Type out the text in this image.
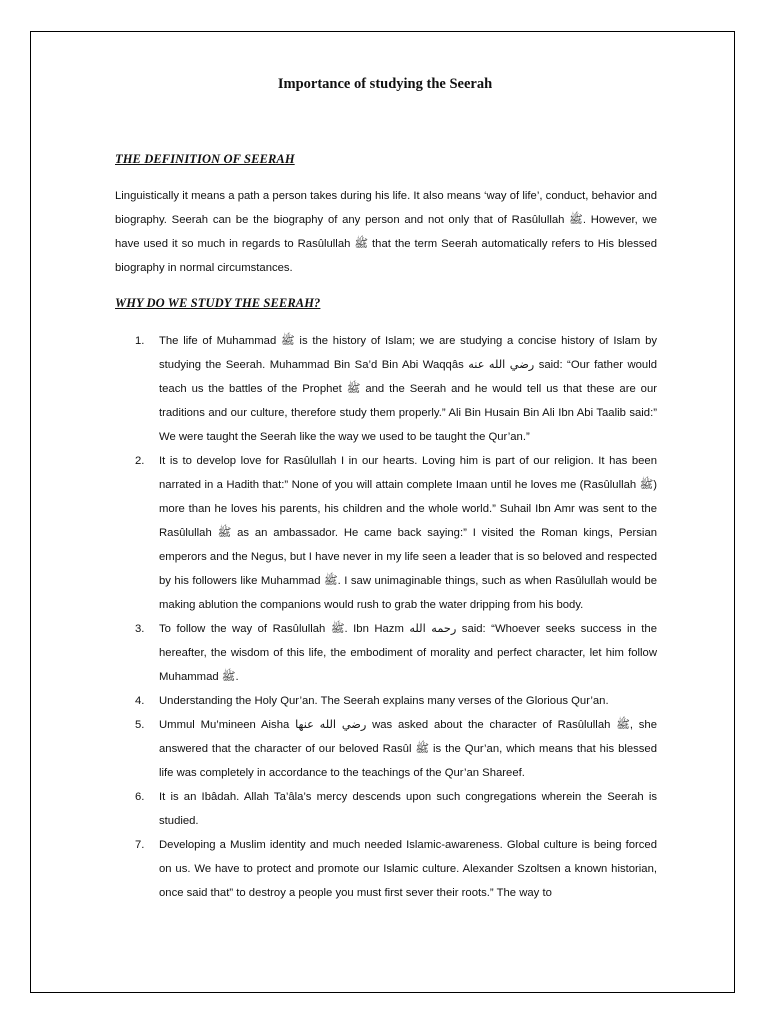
Importance of studying the Seerah
THE DEFINITION OF SEERAH

Linguistically it means a path a person takes during his life. It also means ‘way of life’, conduct, behavior and biography. Seerah can be the biography of any person and not only that of Rasûlullah ﷺ. However, we have used it so much in regards to Rasûlullah ﷺ that the term Seerah automatically refers to His blessed biography in normal circumstances.

WHY DO WE STUDY THE SEERAH?
1.	The life of Muhammad ﷺ is the history of Islam; we are studying a concise history of Islam by studying the Seerah. Muhammad Bin Sa’d Bin Abi Waqqâs رضي الله عنه said: “Our father would teach us the battles of the Prophet ﷺ and the Seerah and he would tell us that these are our traditions and our culture, therefore study them properly.” Ali Bin Husain Bin Ali Ibn Abi Taalib said:” We were taught the Seerah like the way we used to be taught the Qur’an.”
2.	It is to develop love for Rasûlullah I in our hearts. Loving him is part of our religion. It has been narrated in a Hadith that:” None of you will attain complete Imaan until he loves me (Rasûlullah ﷺ) more than he loves his parents, his children and the whole world.” Suhail Ibn Amr was sent to the Rasûlullah ﷺ as an ambassador. He came back saying:” I visited the Roman kings, Persian emperors and the Negus, but I have never in my life seen a leader that is so beloved and respected by his followers like Muhammad ﷺ. I saw unimaginable things, such as when Rasûlullah would be making ablution the companions would rush to grab the water dripping from his body.
3.	To follow the way of Rasûlullah ﷺ. Ibn Hazm رحمه الله said: “Whoever seeks success in the hereafter, the wisdom of this life, the embodiment of morality and perfect character, let him follow Muhammad ﷺ.
4.	Understanding the Holy Qur’an. The Seerah explains many verses of the Glorious Qur’an.
5.	Ummul Mu’mineen Aisha رضي الله عنها was asked about the character of Rasûlullah ﷺ, she answered that the character of our beloved Rasûl ﷺ is the Qur’an, which means that his blessed life was completely in accordance to the teachings of the Qur’an Shareef.
6.	It is an Ibâdah. Allah Ta’âla’s mercy descends upon such congregations wherein the Seerah is studied.
7.	Developing a Muslim identity and much needed Islamic-awareness. Global culture is being forced on us. We have to protect and promote our Islamic culture. Alexander Szoltsen a known historian, once said that” to destroy a people you must first sever their roots.” The way to
